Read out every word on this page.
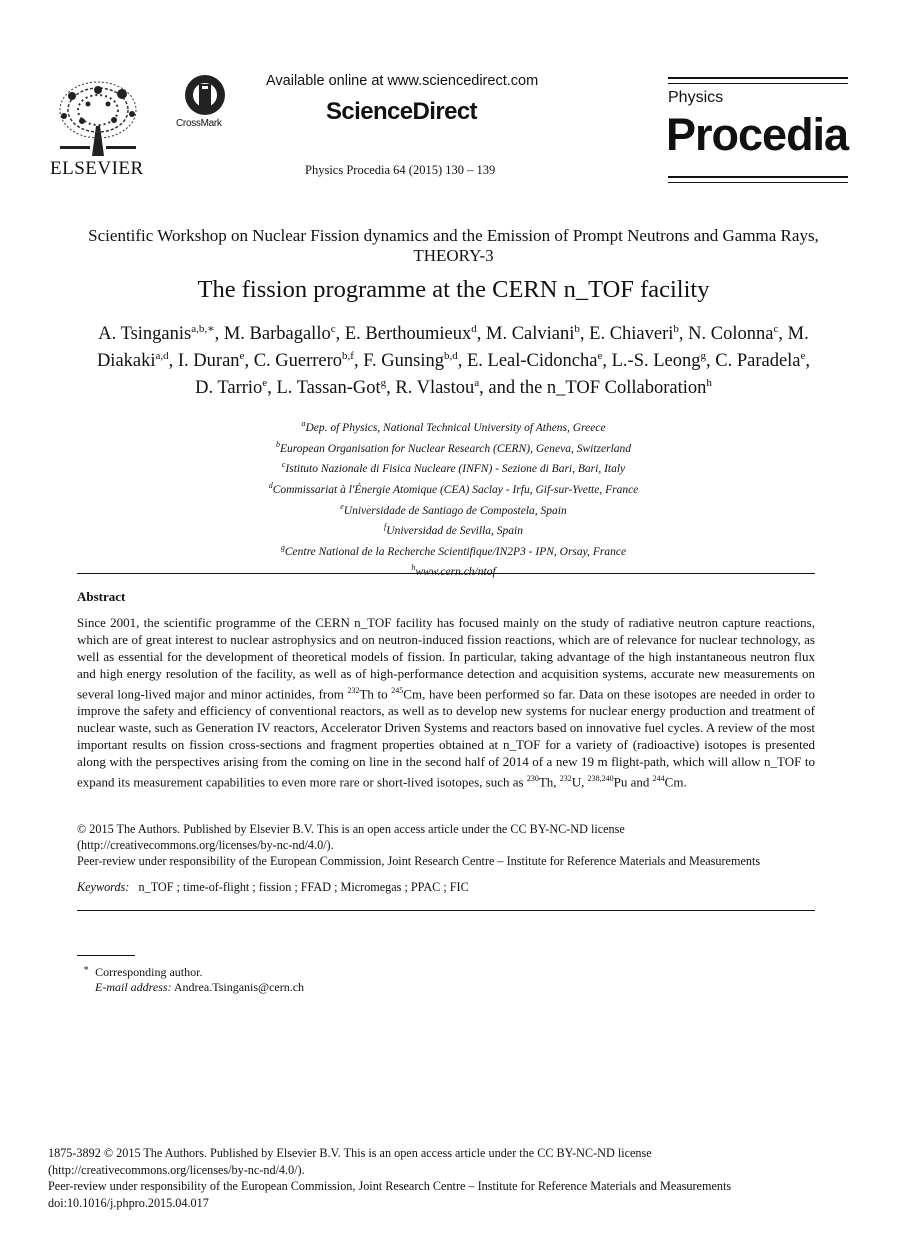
ELSEVIER
CrossMark
Available online at www.sciencedirect.com
ScienceDirect
Physics Procedia 64 (2015) 130 – 139
Physics
Procedia
Scientific Workshop on Nuclear Fission dynamics and the Emission of Prompt Neutrons and Gamma Rays, THEORY-3
The fission programme at the CERN n_TOF facility
A. Tsinganis$^{a,b,∗}$, M. Barbagallo$^c$, E. Berthoumieux$^d$, M. Calviani$^b$, E. Chiaveri$^b$, N. Colonna$^c$, M. Diakaki$^{a,d}$, I. Duran$^e$, C. Guerrero$^{b,f}$, F. Gunsing$^{b,d}$, E. Leal-Cidoncha$^e$, L.-S. Leong$^g$, C. Paradela$^e$, D. Tarrio$^e$, L. Tassan-Got$^g$, R. Vlastou$^a$, and the n_TOF Collaboration$^h$
$^a$Dep. of Physics, National Technical University of Athens, Greece
$^b$European Organisation for Nuclear Research (CERN), Geneva, Switzerland
$^c$Istituto Nazionale di Fisica Nucleare (INFN) - Sezione di Bari, Bari, Italy
$^d$Commissariat à l'Énergie Atomique (CEA) Saclay - Irfu, Gif-sur-Yvette, France
$^e$Universidade de Santiago de Compostela, Spain
$^f$Universidad de Sevilla, Spain
$^g$Centre National de la Recherche Scientifique/IN2P3 - IPN, Orsay, France
$^h$
Abstract
Since 2001, the scientific programme of the CERN n_TOF facility has focused mainly on the study of radiative neutron capture reactions, which are of great interest to nuclear astrophysics and on neutron-induced fission reactions, which are of relevance for nuclear technology, as well as essential for the development of theoretical models of fission. In particular, taking advantage of the high instantaneous neutron flux and high energy resolution of the facility, as well as of high-performance detection and acquisition systems, accurate new measurements on several long-lived major and minor actinides, from $^{232}$Th to $^{245}$Cm, have been performed so far. Data on these isotopes are needed in order to improve the safety and efficiency of conventional reactors, as well as to develop new systems for nuclear energy production and treatment of nuclear waste, such as Generation IV reactors, Accelerator Driven Systems and reactors based on innovative fuel cycles. A review of the most important results on fission cross-sections and fragment properties obtained at n_TOF for a variety of (radioactive) isotopes is presented along with the perspectives arising from the coming on line in the second half of 2014 of a new 19 m flight-path, which will allow n_TOF to expand its measurement capabilities to even more rare or short-lived isotopes, such as $^{230}$Th, $^{232}$U, $^{238,240}$Pu and $^{244}$Cm.
© 2015 The Authors. Published by Elsevier B.V. This is an open access article under the CC BY-NC-ND license
(http://creativecommons.org/licenses/by-nc-nd/4.0/).
Peer-review under responsibility of the European Commission, Joint Research Centre – Institute for Reference Materials and Measurements
Keywords: n_TOF ; time-of-flight ; fission ; FFAD ; Micromegas ; PPAC ; FIC
∗ Corresponding author.
E-mail address: Andrea.Tsinganis@cern.ch
1875-3892 © 2015 The Authors. Published by Elsevier B.V. This is an open access article under the CC BY-NC-ND license
(http://creativecommons.org/licenses/by-nc-nd/4.0/).
Peer-review under responsibility of the European Commission, Joint Research Centre – Institute for Reference Materials and Measurements
doi:10.1016/j.phpro.2015.04.017
